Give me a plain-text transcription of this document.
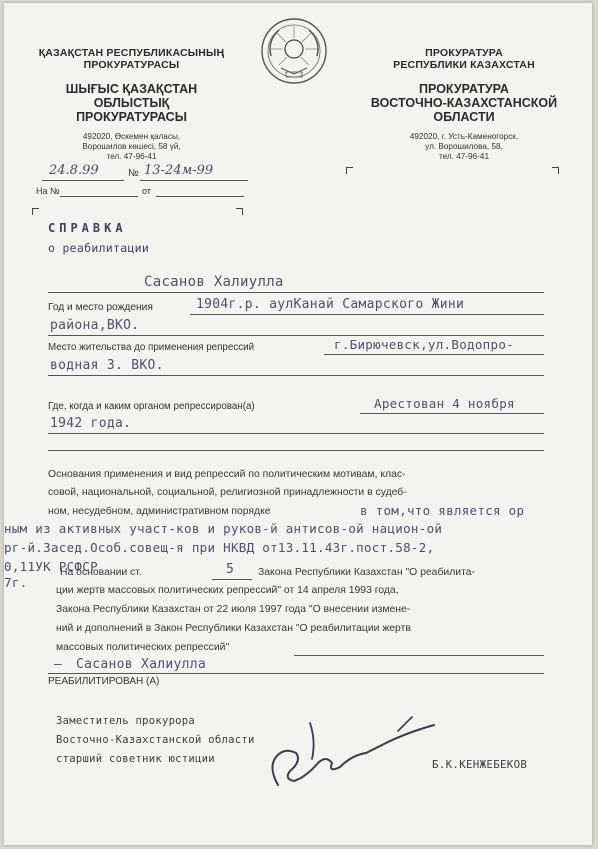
ҚАЗАҚСТАН РЕСПУБЛИКАСЫНЫҢ
ПРОКУРАТУРАСЫ
ШЫҒЫС ҚАЗАҚСТАН
ОБЛЫСТЫҚ
ПРОКУРАТУРАСЫ
492020, Өскемен қаласы,
Ворошилов көшесі, 58 үй,
тел. 47-96-41
ПРОКУРАТУРА
РЕСПУБЛИКИ КАЗАХСТАН
ПРОКУРАТУРА
ВОСТОЧНО-КАЗАХСТАНСКОЙ
ОБЛАСТИ
492020, г. Усть-Каменогорск,
ул. Ворошилова, 58,
тел. 47-96-41
24.8.99	№ 13-24м-99
На №	от
СПРАВКА
о реабилитации
Сасанов Халиулла
Год и место рождения	1904г.р. аулКанай Самарского Жини
района,ВКО.
Место жительства до применения репрессий	г.Бирючевск,ул.Водопро-
водная 3. ВКО.
Где, когда и каким органом репрессирован(а)	Арестован 4 ноября
1942 года.
Основания применения и вид репрессий по политическим мотивам, клас-
совой, национальной, социальной, религиозной принадлежности в судеб-
ном, несудебном, административном порядке	в том,что является ор
ным из активных участ-ков и руков-й антисов-ой национ-ой
рг-й.Засед.Особ.совещ-я при НКВД от13.11.43г.пост.58-2,
0,11УК РСФСР
7г.
На основании ст.	5 Закона Республики Казахстан "О реабилита-
ции жертв массовых политических репрессий" от 14 апреля 1993 года,
Закона Республики Казахстан от 22 июля 1997 года "О внесении измене-
ний и дополнений в Закон Республики Казахстан "О реабилитации жертв
массовых политических репрессий"
– Сасанов Халиулла
РЕАБИЛИТИРОВАН (А)
Заместитель прокурора
Восточно-Казахстанской области
старший советник юстиции	Б.К.КЕНЖЕБЕКОВ
